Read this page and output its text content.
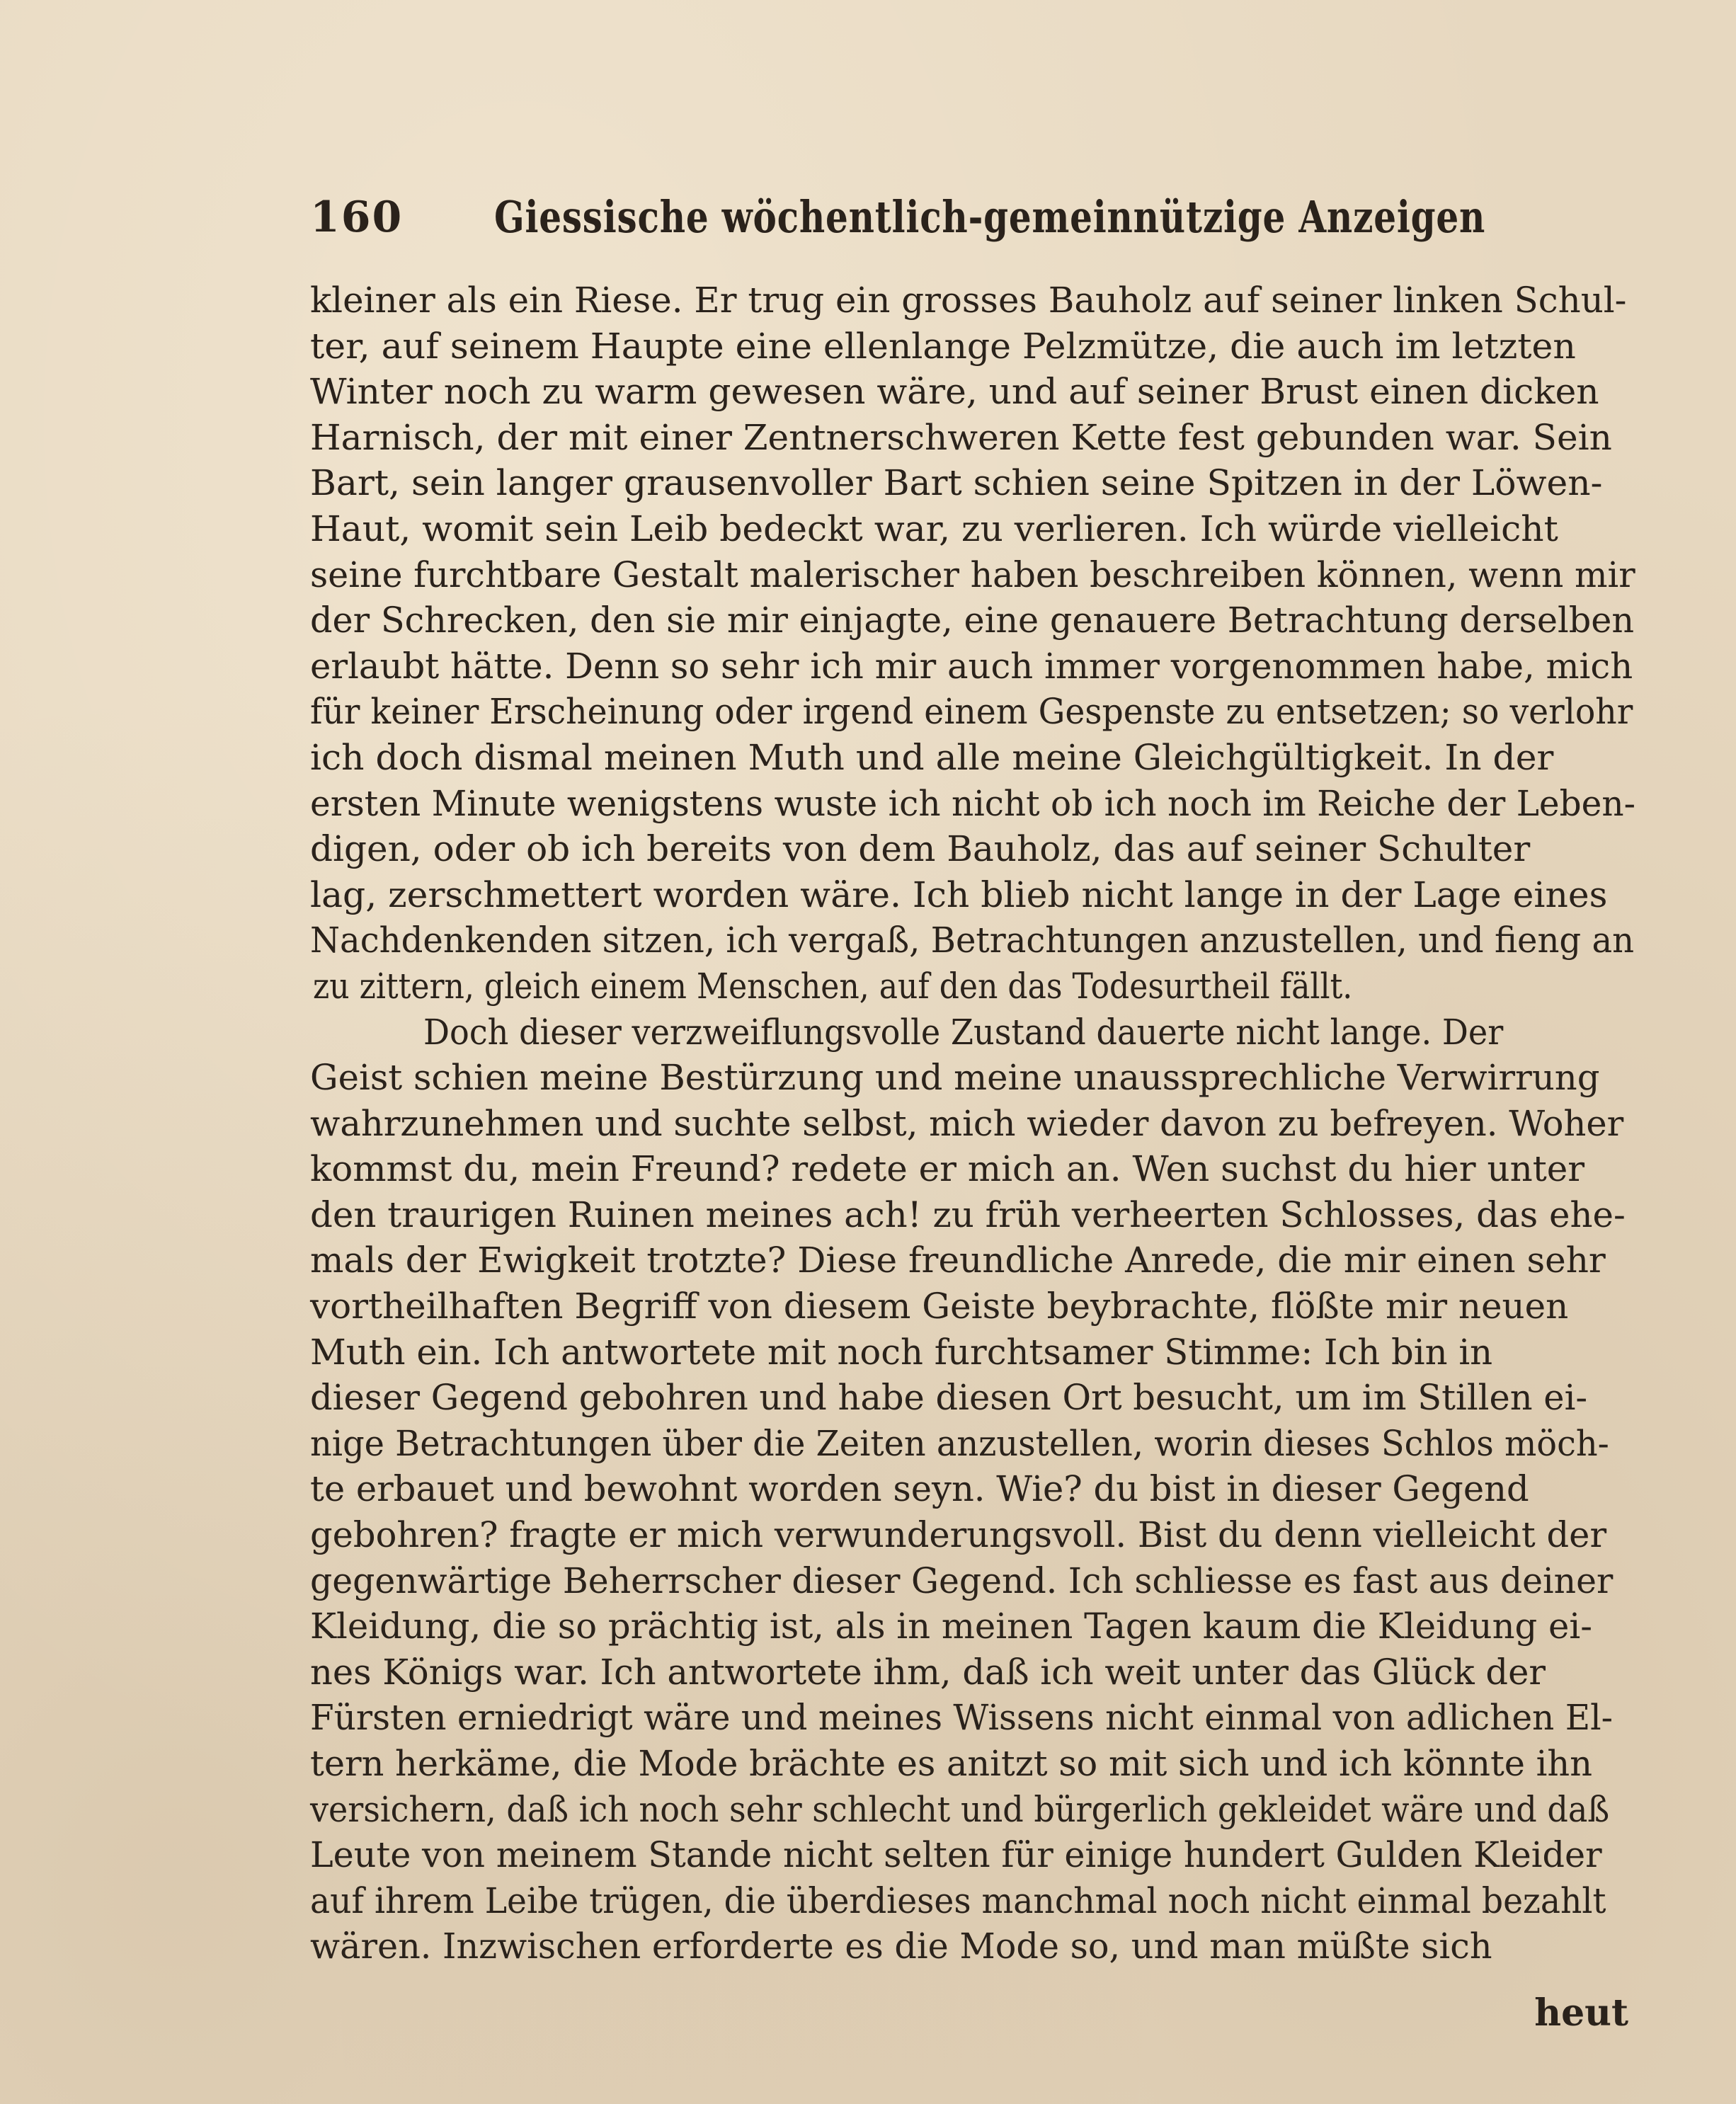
160 Giessische wöchentlich-gemeinnützige Anzeigen
kleiner als ein Riese. Er trug ein grosses Bauholz auf seiner linken Schul-
ter, auf seinem Haupte eine ellenlange Pelzmütze, die auch im letzten
Winter noch zu warm gewesen wäre, und auf seiner Brust einen dicken
Harnisch, der mit einer Zentnerschweren Kette fest gebunden war. Sein
Bart, sein langer grausenvoller Bart schien seine Spitzen in der Löwen-
Haut, womit sein Leib bedeckt war, zu verlieren. Ich würde vielleicht
seine furchtbare Gestalt malerischer haben beschreiben können, wenn mir
der Schrecken, den sie mir einjagte, eine genauere Betrachtung derselben
erlaubt hätte. Denn so sehr ich mir auch immer vorgenommen habe, mich
für keiner Erscheinung oder irgend einem Gespenste zu entsetzen; so verlohr
ich doch dismal meinen Muth und alle meine Gleichgültigkeit. In der
ersten Minute wenigstens wuste ich nicht ob ich noch im Reiche der Leben-
digen, oder ob ich bereits von dem Bauholz, das auf seiner Schulter
lag, zerschmettert worden wäre. Ich blieb nicht lange in der Lage eines
Nachdenkenden sitzen, ich vergaß, Betrachtungen anzustellen, und fieng an
zu zittern, gleich einem Menschen, auf den das Todesurtheil fällt.
Doch dieser verzweiflungsvolle Zustand dauerte nicht lange. Der
Geist schien meine Bestürzung und meine unaussprechliche Verwirrung
wahrzunehmen und suchte selbst, mich wieder davon zu befreyen. Woher
kommst du, mein Freund? redete er mich an. Wen suchst du hier unter
den traurigen Ruinen meines ach! zu früh verheerten Schlosses, das ehe-
mals der Ewigkeit trotzte? Diese freundliche Anrede, die mir einen sehr
vortheilhaften Begriff von diesem Geiste beybrachte, flößte mir neuen
Muth ein. Ich antwortete mit noch furchtsamer Stimme: Ich bin in
dieser Gegend gebohren und habe diesen Ort besucht, um im Stillen ei-
nige Betrachtungen über die Zeiten anzustellen, worin dieses Schlos möch-
te erbauet und bewohnt worden seyn. Wie? du bist in dieser Gegend
gebohren? fragte er mich verwunderungsvoll. Bist du denn vielleicht der
gegenwärtige Beherrscher dieser Gegend. Ich schliesse es fast aus deiner
Kleidung, die so prächtig ist, als in meinen Tagen kaum die Kleidung ei-
nes Königs war. Ich antwortete ihm, daß ich weit unter das Glück der
Fürsten erniedrigt wäre und meines Wissens nicht einmal von adlichen El-
tern herkäme, die Mode brächte es anitzt so mit sich und ich könnte ihn
versichern, daß ich noch sehr schlecht und bürgerlich gekleidet wäre und daß
Leute von meinem Stande nicht selten für einige hundert Gulden Kleider
auf ihrem Leibe trügen, die überdieses manchmal noch nicht einmal bezahlt
wären. Inzwischen erforderte es die Mode so, und man müßte sich
heut
